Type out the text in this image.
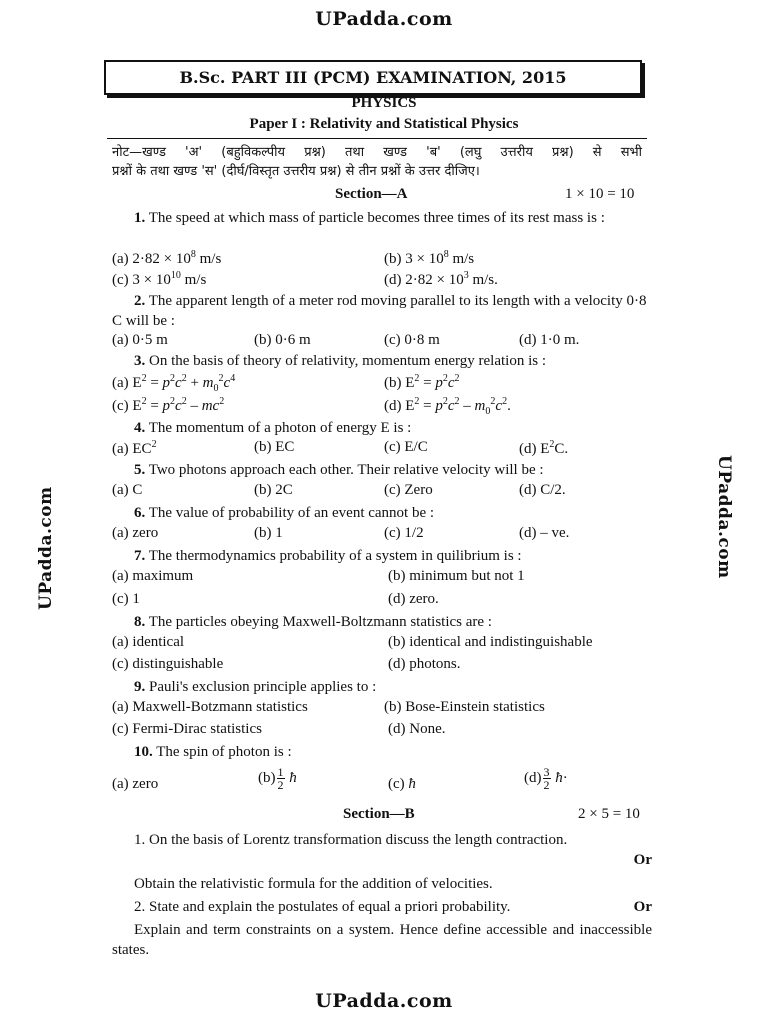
UPadda.com
UPadda.com	UPadda.com
UPadda.com
B.Sc. PART III (PCM) EXAMINATION, 2015
PHYSICS
Paper I : Relativity and Statistical Physics
नोट—खण्ड 'अ' (बहुविकल्पीय प्रश्न) तथा खण्ड 'ब' (लघु उत्तरीय प्रश्न) से सभी
प्रश्नों के तथा खण्ड 'स' (दीर्घ/विस्तृत उत्तरीय प्रश्न) से तीन प्रश्नों के उत्तर दीजिए।
Section—A	1 × 10 = 10
1. The speed at which mass of particle becomes three times of its rest mass is :
(a) $2\cdot 82 \times 10^8$ m/s	(b) $3 \times 10^8$ m/s
(c) $3 \times 10^{10}$ m/s	(d) $2\cdot 82 \times 10^3$ m/s.
2. The apparent length of a meter rod moving parallel to its length with a velocity 0·8 C will be :
(a) 0·5 m	(b) 0·6 m	(c) 0·8 m	(d) 1·0 m.
3. On the basis of theory of relativity, momentum energy relation is :
(a) $E^2 = p^2c^2 + m_0^2c^4$	(b) $E^2 = p^2c^2$
(c) $E^2 = p^2c^2 - mc^2$	(d) $E^2 = p^2c^2 - m_0^2c^2$.
4. The momentum of a photon of energy E is :
(a) $EC^2$	(b) EC	(c) E/C	(d) $E^2C$.
5. Two photons approach each other. Their relative velocity will be :
(a) C	(b) 2C	(c) Zero	(d) C/2.
6. The value of probability of an event cannot be :
(a) zero	(b) 1	(c) 1/2	(d) – ve.
7. The thermodynamics probability of a system in quilibrium is :
(a) maximum	(b) minimum but not 1
(c) 1	(d) zero.
8. The particles obeying Maxwell-Boltzmann statistics are :
(a) identical	(b) identical and indistinguishable
(c) distinguishable	(d) photons.
9. Pauli's exclusion principle applies to :
(a) Maxwell-Botzmann statistics	(b) Bose-Einstein statistics
(c) Fermi-Dirac statistics	(d) None.
10. The spin of photon is :
(a) zero	$(b) \frac{1}{2}$ ħ	(c) ħ	$(d) \frac{3}{2}$ ħ·
Section—B	2 × 5 = 10
1. On the basis of Lorentz transformation discuss the length contraction.
Or
Obtain the relativistic formula for the addition of velocities.
2. State and explain the postulates of equal a priori probability.	Or
Explain and term constraints on a system. Hence define accessible and inaccessible states.
